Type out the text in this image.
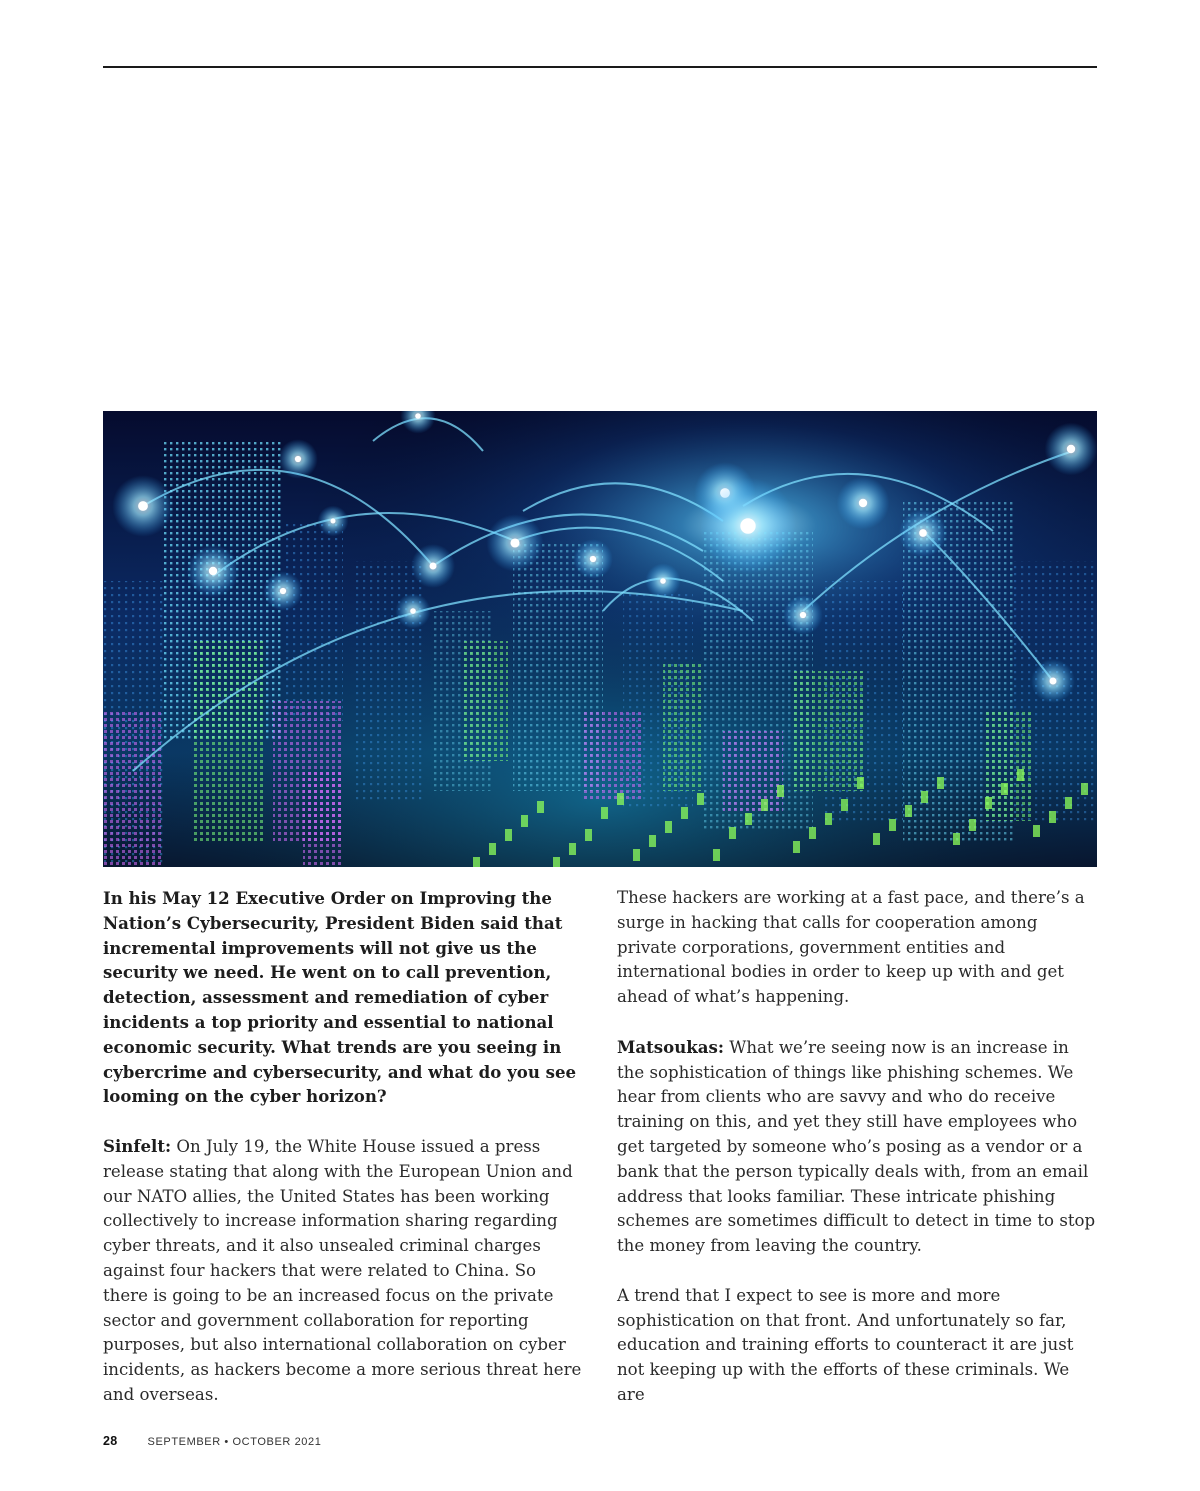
In his May 12 Executive Order on Improving the Nation’s Cybersecurity, President Biden said that incremental improvements will not give us the security we need. He went on to call prevention, detection, assessment and remediation of cyber incidents a top priority and essential to national economic security. What trends are you seeing in cybercrime and cybersecurity, and what do you see looming on the cyber horizon?

Sinfelt: On July 19, the White House issued a press release stating that along with the European Union and our NATO allies, the United States has been working collectively to increase information sharing regarding cyber threats, and it also unsealed criminal charges against four hackers that were related to China. So there is going to be an increased focus on the private sector and government collaboration for reporting purposes, but also international collaboration on cyber incidents, as hackers become a more serious threat here and overseas.

These hackers are working at a fast pace, and there’s a surge in hacking that calls for cooperation among private corporations, government entities and international bodies in order to keep up with and get ahead of what’s happening.

Matsoukas: What we’re seeing now is an increase in the sophistication of things like phishing schemes. We hear from clients who are savvy and who do receive training on this, and yet they still have employees who get targeted by someone who’s posing as a vendor or a bank that the person typically deals with, from an email address that looks familiar. These intricate phishing schemes are sometimes difficult to detect in time to stop the money from leaving the country.

A trend that I expect to see is more and more sophistication on that front. And unfortunately so far, education and training efforts to counteract it are just not keeping up with the efforts of these criminals. We are

28	SEPTEMBER • OCTOBER 2021
